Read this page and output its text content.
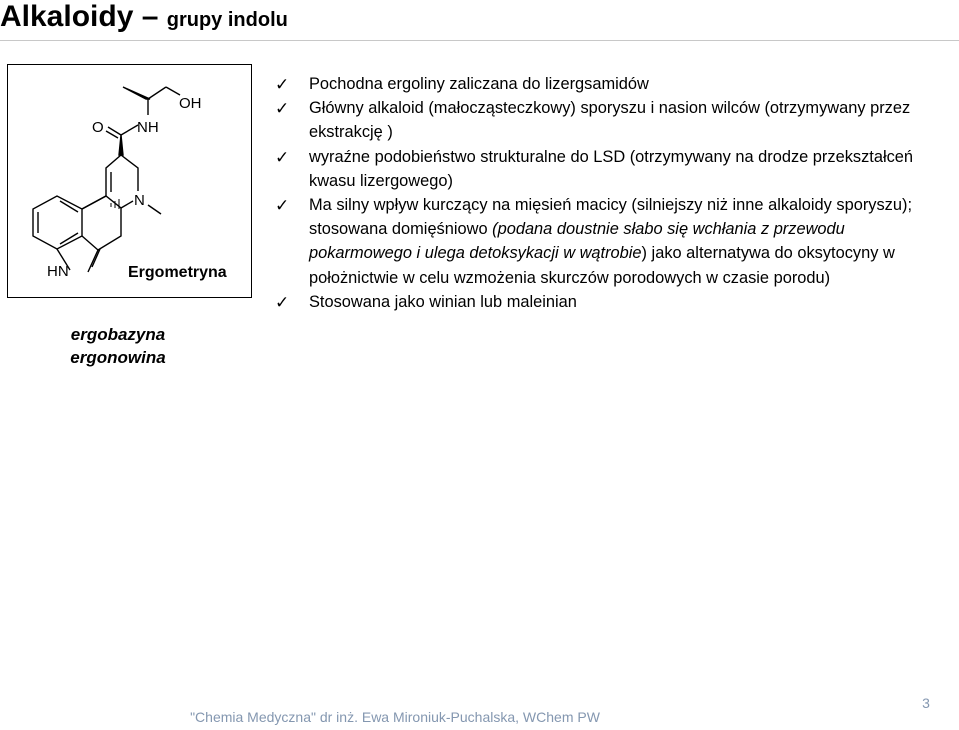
Alkaloidy – grupy indolu
O NH
OH
N
HN	Ergometryna
ergobazyna
ergonowina
✓ Pochodna ergoliny zaliczana do lizergsamidów
✓ Główny alkaloid (małocząsteczkowy) sporyszu i nasion wilców (otrzymywany przez ekstrakcję )
✓ wyraźne podobieństwo strukturalne do LSD (otrzymywany na drodze przekształceń kwasu lizergowego)
✓ Ma silny wpływ kurczący na mięsień macicy (silniejszy niż inne alkaloidy sporyszu); stosowana domięśniowo (podana doustnie słabo się wchłania z przewodu pokarmowego i ulega detoksykacji w wątrobie) jako alternatywa do oksytocyny w położnictwie w celu wzmożenia skurczów porodowych w czasie porodu)
✓ Stosowana jako winian lub maleinian
"Chemia Medyczna" dr inż. Ewa Mironiuk-Puchalska, WChem PW
3
